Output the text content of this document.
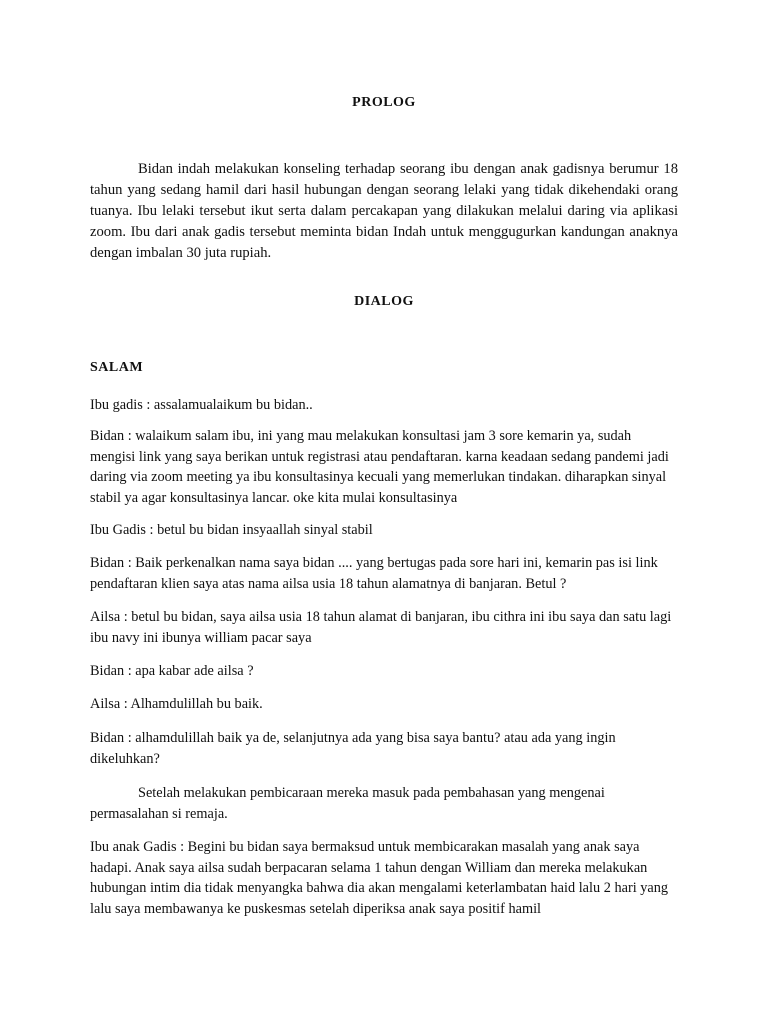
PROLOG
Bidan indah melakukan konseling terhadap seorang ibu dengan anak gadisnya berumur 18 tahun yang sedang hamil dari hasil hubungan dengan seorang lelaki yang tidak dikehendaki orang tuanya. Ibu lelaki tersebut ikut serta dalam percakapan yang dilakukan melalui daring via aplikasi zoom. Ibu dari anak gadis tersebut meminta bidan Indah untuk menggugurkan kandungan anaknya dengan imbalan 30 juta rupiah.
DIALOG
SALAM

Ibu gadis : assalamualaikum bu bidan..

Bidan : walaikum salam ibu, ini yang mau melakukan konsultasi jam 3 sore kemarin ya, sudah mengisi link yang saya berikan untuk registrasi atau pendaftaran. karna keadaan sedang pandemi jadi daring via zoom meeting ya ibu konsultasinya kecuali yang memerlukan tindakan. diharapkan sinyal stabil ya agar konsultasinya lancar. oke kita mulai konsultasinya

Ibu Gadis : betul bu bidan insyaallah sinyal stabil

Bidan : Baik perkenalkan nama saya bidan .... yang bertugas pada sore hari ini, kemarin pas isi link pendaftaran klien saya atas nama ailsa usia 18 tahun alamatnya di banjaran. Betul ?

Ailsa : betul bu bidan, saya ailsa usia 18 tahun alamat di banjaran, ibu cithra ini ibu saya dan satu lagi ibu navy ini ibunya william pacar saya

Bidan : apa kabar ade ailsa ?

Ailsa : Alhamdulillah bu baik.

Bidan : alhamdulillah baik ya de, selanjutnya ada yang bisa saya bantu? atau ada yang ingin dikeluhkan?

Setelah melakukan pembicaraan mereka masuk pada pembahasan yang mengenai permasalahan si remaja.

Ibu anak Gadis : Begini bu bidan saya bermaksud untuk membicarakan masalah yang anak saya hadapi. Anak saya ailsa sudah berpacaran selama 1 tahun dengan William dan mereka melakukan hubungan intim dia tidak menyangka bahwa dia akan mengalami keterlambatan haid lalu 2 hari yang lalu saya membawanya ke puskesmas setelah diperiksa anak saya positif hamil
